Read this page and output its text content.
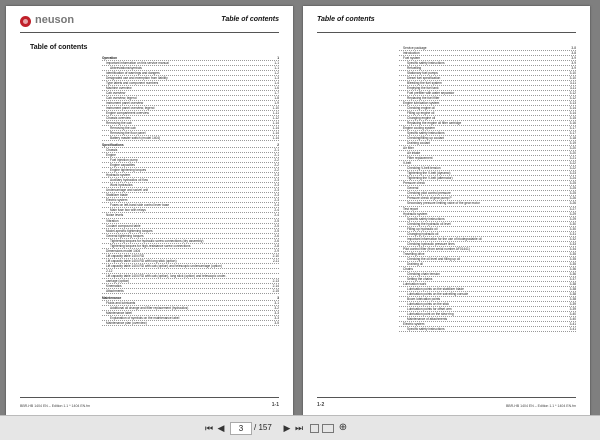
neuson	Table of contents
Table of contents
Operation	1
Important information on this service manual	1-1
Abbreviations/symbols	1-1
Identification of warnings and dangers	1-2
Designated use and exemption from liability	1-3
Type labels and component numbers	1-4
Machine overview	1-6
Cab overview	1-7
Cab overview, legend	1-8
Instrument panel overview	1-9
Instrument panel overview, legend	1-10
Engine compartment overview	1-11
Chassis overview	1-12
Removing the cab	1-14
Removing the cab	1-14
Removing the floor panel	1-14
Battery master switch (model 1404)	1-14
Specifications	2
Chassis	2-1
Engine	2-1
Fuel injection pump	2-2
Engine capacities	2-2
Engine tightening torques	2-2
Hydraulic system	2-3
Auxiliary hydraulics oil flow	2-3
Work hydraulics	2-3
Undercarriage and swivel unit	2-3
Stabilizer blade	2-3
Electric system	2-3
Fuses on left-hand side control lever base	2-4
Main fuse box with relays	2-4
Noise levels	2-4
Vibration	2-5
Coolant compound table	2-5
Model-specific tightening torques	2-5
General tightening torques	2-6
Tightening torques for hydraulic screw connections (dry assembly)	2-6
Tightening torques for high-resistance screw connections	2-8
Dimensions model 1404	2-9
Lift capacity table 1404 RD	2-10
Lift capacity table 1404 RD with long stick (option)	2-11
Lift capacity table 1404 RD with cab (option) and telescopic undercarriage (option)
2-12
Lift capacity table 1404 RD with cab (option), long stick (option) and telescopic under-
carriage (option)	2-13
Kinematics	2-14
Attachments	2-15
Maintenance	3
Fluids and lubricants	3-1
Additional oil change and filter replacement (hydraulics)	3-2
Maintenance label	3-3
Explanation of symbols on the maintenance label	3-3
Maintenance plan (overview)	3-5
BBR-HB 1404 EN – Edition 1.1 * 1404 EN.fm	1-1
Table of contents
Service package	3-8
Introduction	3-8
Fuel system	3-9
Specific safety instructions	3-9
Refuelling	3-9
Stationary fuel pumps	3-10
Diesel fuel specification	3-10
Bleeding the fuel system	3-11
Emptying the fuel tank	3-11
Fuel prefilter with water separator	3-12
Replacing the fuel filter	3-12
Engine lubrication system	3-13
Checking engine oil	3-14
Filling up engine oil	3-14
Changing engine oil	3-15
Replacing the engine oil filter cartridge	3-16
Engine cooling system	3-17
Specific safety instructions	3-17
Checking/filling up coolant	3-18
Draining coolant	3-19
Air filter	3-20
Air intake	3-20
Filter replacement	3-21
V-belt	3-22
Checking V-belt tension	3-22
Tightening the V-belt (dynamo)	3-23
Tightening the V-belt (alternator)	3-24
Pressure check	3-25
General	3-25
Checking pilot control pressure	3-25
Pressure check of gear pump P	3-26
Secondary pressure limiting valve of the gear motor	3-26
Test report	3-27
Hydraulic system	3-29
Specific safety instructions	3-29
Checking the hydraulic oil level	3-30
Filling up hydraulic oil	3-30
Changing hydraulic oil	3-31
Important information for the use of biodegradable oil	3-32
Checking hydraulic pressure lines	3-33
Pilot control filter (from serial number AF01441)	3-34
Travelling drive	3-35
Checking the oil level and filling up oil	3-35
Draining oil	3-35
Chains	3-36
Checking chain tension	3-36
Setting the chains	3-37
Lubrication work	3-38
Lubrication points on the stabilizer blade	3-38
Lubrication points on the swivelling console	3-38
Boom lubrication points	3-38
Lubrication points on the stick	3-39
Lubrication points for offset arm	3-39
Lubrication point on the slew ring	3-40
Maintenance of attachments	3-40
Electric system	3-41
Specific safety instructions	3-41
1-2	BBR-HB 1404 EN – Edition 1.1 * 1404 EN.fm
⏮ ◀	3	/ 157 ▶ ⏭	⊕
